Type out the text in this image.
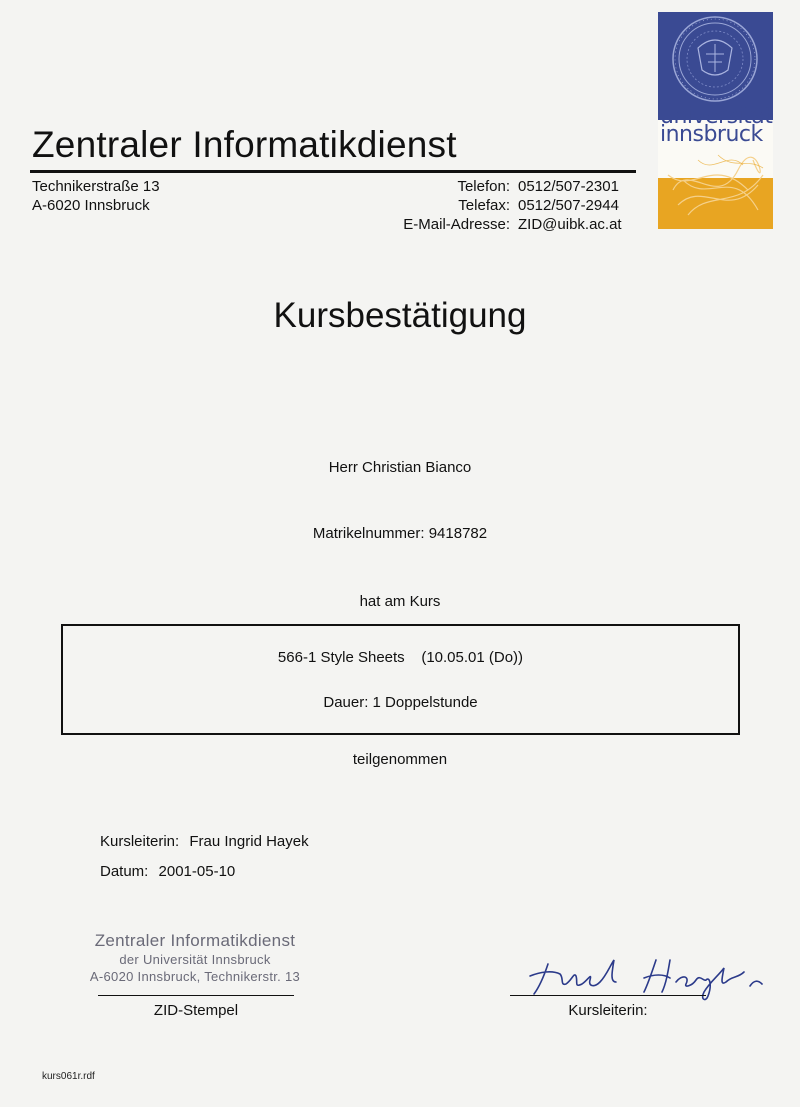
Zentraler Informatikdienst
Technikerstraße 13
A-6020 Innsbruck
Telefon: 0512/507-2301
Telefax: 0512/507-2944
E-Mail-Adresse: ZID@uibk.ac.at
universität
innsbruck
Kursbestätigung
Herr Christian Bianco
Matrikelnummer: 9418782
hat am Kurs
566-1 Style Sheets    (10.05.01 (Do))
Dauer: 1 Doppelstunde
teilgenommen
Kursleiterin: Frau Ingrid Hayek
Datum: 2001-05-10
Zentraler Informatikdienst
der Universität Innsbruck
A-6020 Innsbruck, Technikerstr. 13
ZID-Stempel	Kursleiterin:
kurs061r.rdf
